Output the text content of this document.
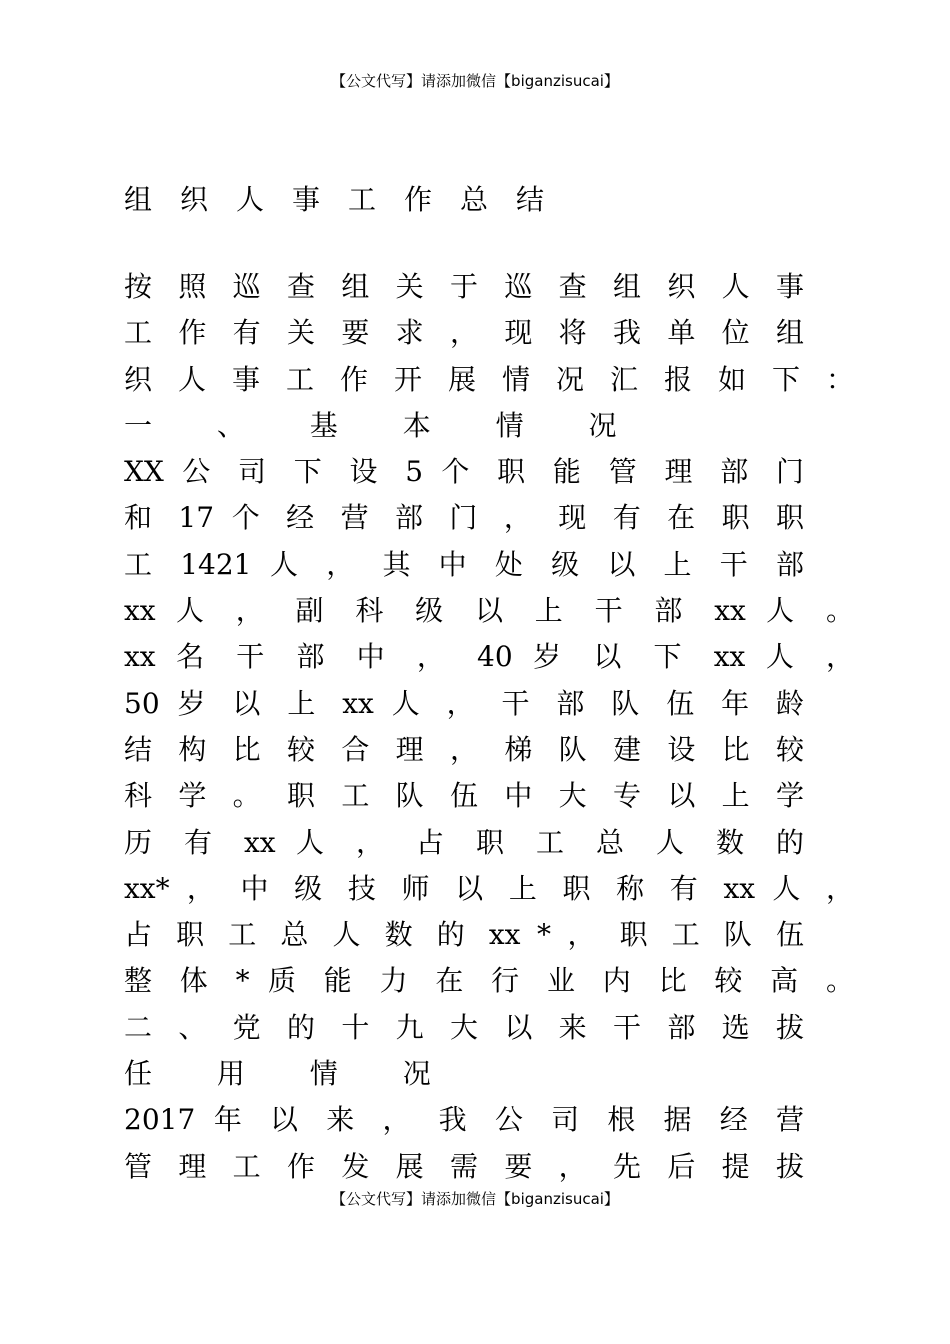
【公文代写】请添加微信【biganzisucai】
组织人事工作总结
按 照 巡 查 组 关 于 巡 查 组 织 人 事
工 作 有 关 要 求 ， 现 将 我 单 位 组
织 人 事 工 作 开 展 情 况 汇 报 如 下 ：
一 、 基 本 情 况
XX 公 司 下 设 5 个 职 能 管 理 部 门
和 17 个 经 营 部 门 ， 现 有 在 职 职
工 1421 人 ， 其 中 处 级 以 上 干 部
xx 人 ， 副 科 级 以 上 干 部 xx 人 。
xx 名 干 部 中 ， 40 岁 以 下 xx 人 ，
50 岁 以 上 xx 人 ， 干 部 队 伍 年 龄
结 构 比 较 合 理 ， 梯 队 建 设 比 较
科 学 。 职 工 队 伍 中 大 专 以 上 学
历 有 xx 人 ， 占 职 工 总 人 数 的
xx* ， 中 级 技 师 以 上 职 称 有 xx 人 ，
占 职 工 总 人 数 的 xx * ， 职 工 队 伍
整 体 * 质 能 力 在 行 业 内 比 较 高 。
二 、 党 的 十 九 大 以 来 干 部 选 拔
任 用 情 况
2017 年 以 来 ， 我 公 司 根 据 经 营
管 理 工 作 发 展 需 要 ， 先 后 提 拔
【公文代写】请添加微信【biganzisucai】
